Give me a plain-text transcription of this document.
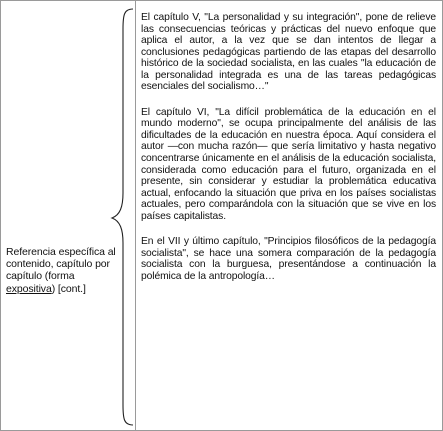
Referencia específica al contenido, capítulo por capítulo (forma expositiva) [cont.]

El capítulo V, "La personalidad y su integración", pone de relieve las consecuencias teóricas y prácticas del nuevo enfoque que aplica el autor, a la vez que se dan intentos de llegar a conclusiones pedagógicas partiendo de las etapas del desarrollo histórico de la sociedad socialista, en las cuales "la educación de la personalidad integrada es una de las tareas pedagógicas esenciales del socialismo…"

El capítulo VI, "La difícil problemática de la educación en el mundo moderno", se ocupa principalmente del análisis de las dificultades de la educación en nuestra época. Aquí considera el autor —con mucha razón— que sería limitativo y hasta negativo concentrarse únicamente en el análisis de la educación socialista, considerada como educación para el futuro, organizada en el presente, sin considerar y estudiar la problemática educativa actual, enfocando la situación que priva en los países socialistas actuales, pero comparándola con la situación que se vive en los países capitalistas.

En el VII y último capítulo, "Principios filosóficos de la pedagogía socialista", se hace una somera comparación de la pedagogía socialista con la burguesa, presentándose a continuación la polémica de la antropología…
